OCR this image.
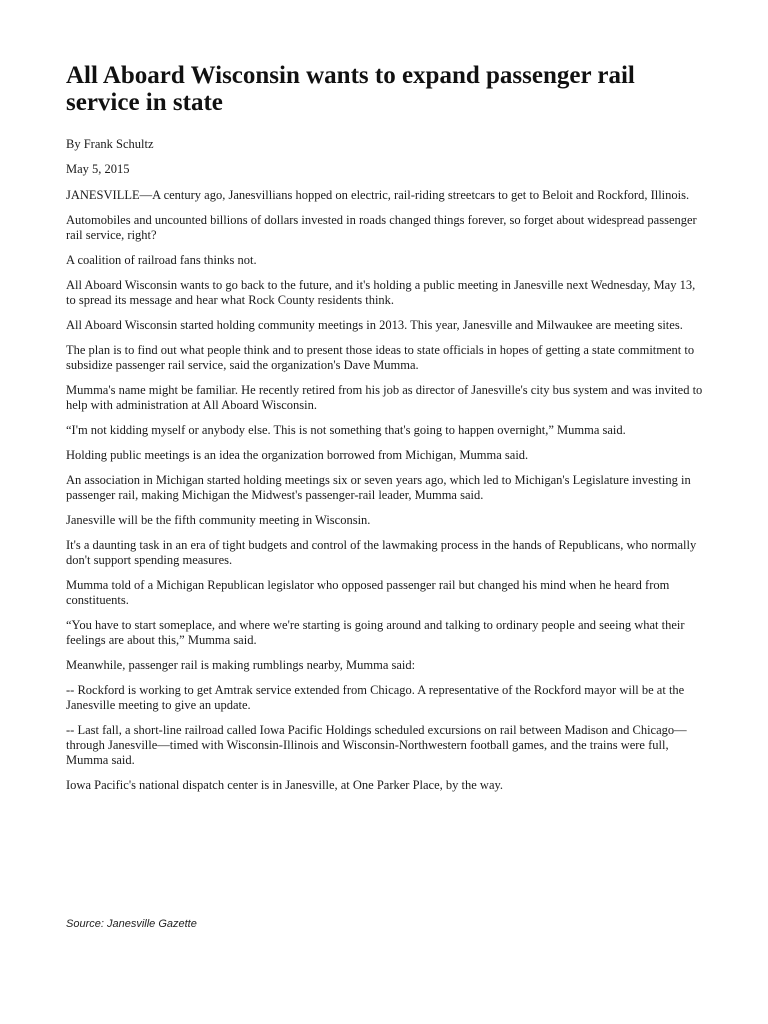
All Aboard Wisconsin wants to expand passenger rail service in state

By Frank Schultz

May 5, 2015

JANESVILLE—A century ago, Janesvillians hopped on electric, rail-riding streetcars to get to Beloit and Rockford, Illinois.

Automobiles and uncounted billions of dollars invested in roads changed things forever, so forget about widespread passenger rail service, right?

A coalition of railroad fans thinks not.

All Aboard Wisconsin wants to go back to the future, and it's holding a public meeting in Janesville next Wednesday, May 13, to spread its message and hear what Rock County residents think.

All Aboard Wisconsin started holding community meetings in 2013. This year, Janesville and Milwaukee are meeting sites.

The plan is to find out what people think and to present those ideas to state officials in hopes of getting a state commitment to subsidize passenger rail service, said the organization's Dave Mumma.

Mumma's name might be familiar. He recently retired from his job as director of Janesville's city bus system and was invited to help with administration at All Aboard Wisconsin.

“I'm not kidding myself or anybody else. This is not something that's going to happen overnight,” Mumma said.

Holding public meetings is an idea the organization borrowed from Michigan, Mumma said.

An association in Michigan started holding meetings six or seven years ago, which led to Michigan's Legislature investing in passenger rail, making Michigan the Midwest's passenger-rail leader, Mumma said.

Janesville will be the fifth community meeting in Wisconsin.

It's a daunting task in an era of tight budgets and control of the lawmaking process in the hands of Republicans, who normally don't support spending measures.

Mumma told of a Michigan Republican legislator who opposed passenger rail but changed his mind when he heard from constituents.

“You have to start someplace, and where we're starting is going around and talking to ordinary people and seeing what their feelings are about this,” Mumma said.

Meanwhile, passenger rail is making rumblings nearby, Mumma said:

-- Rockford is working to get Amtrak service extended from Chicago. A representative of the Rockford mayor will be at the Janesville meeting to give an update.

-- Last fall, a short-line railroad called Iowa Pacific Holdings scheduled excursions on rail between Madison and Chicago—through Janesville—timed with Wisconsin-Illinois and Wisconsin-Northwestern football games, and the trains were full, Mumma said.

Iowa Pacific's national dispatch center is in Janesville, at One Parker Place, by the way.

Source: Janesville Gazette
